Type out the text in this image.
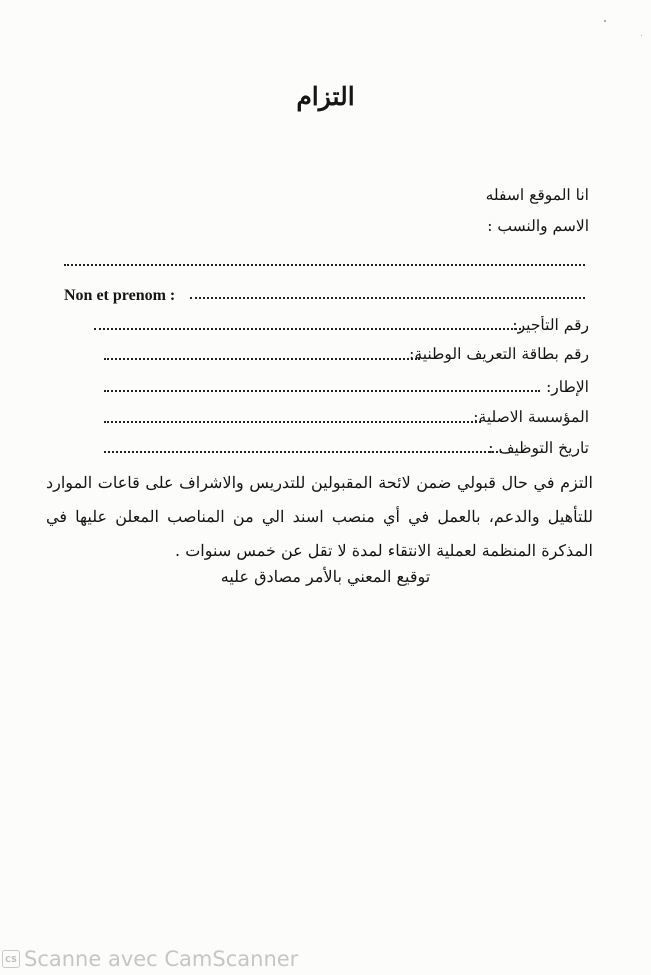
التزام
انا الموقع اسفله
الاسم والنسب :
Non et prenom :
رقم التأجير:
رقم بطاقة التعريف الوطنية:
الإطار:
المؤسسة الاصلية:
تاريخ التوظيف :
التزم في حال قبولي ضمن لائحة المقبولين للتدريس والاشراف على قاعات الموارد للتأهيل والدعم، بالعمل في أي منصب اسند الي من المناصب المعلن عليها في المذكرة المنظمة لعملية الانتقاء لمدة لا تقل عن خمس سنوات .
توقيع المعني بالأمر مصادق عليه
CS Scanne avec CamScanner
